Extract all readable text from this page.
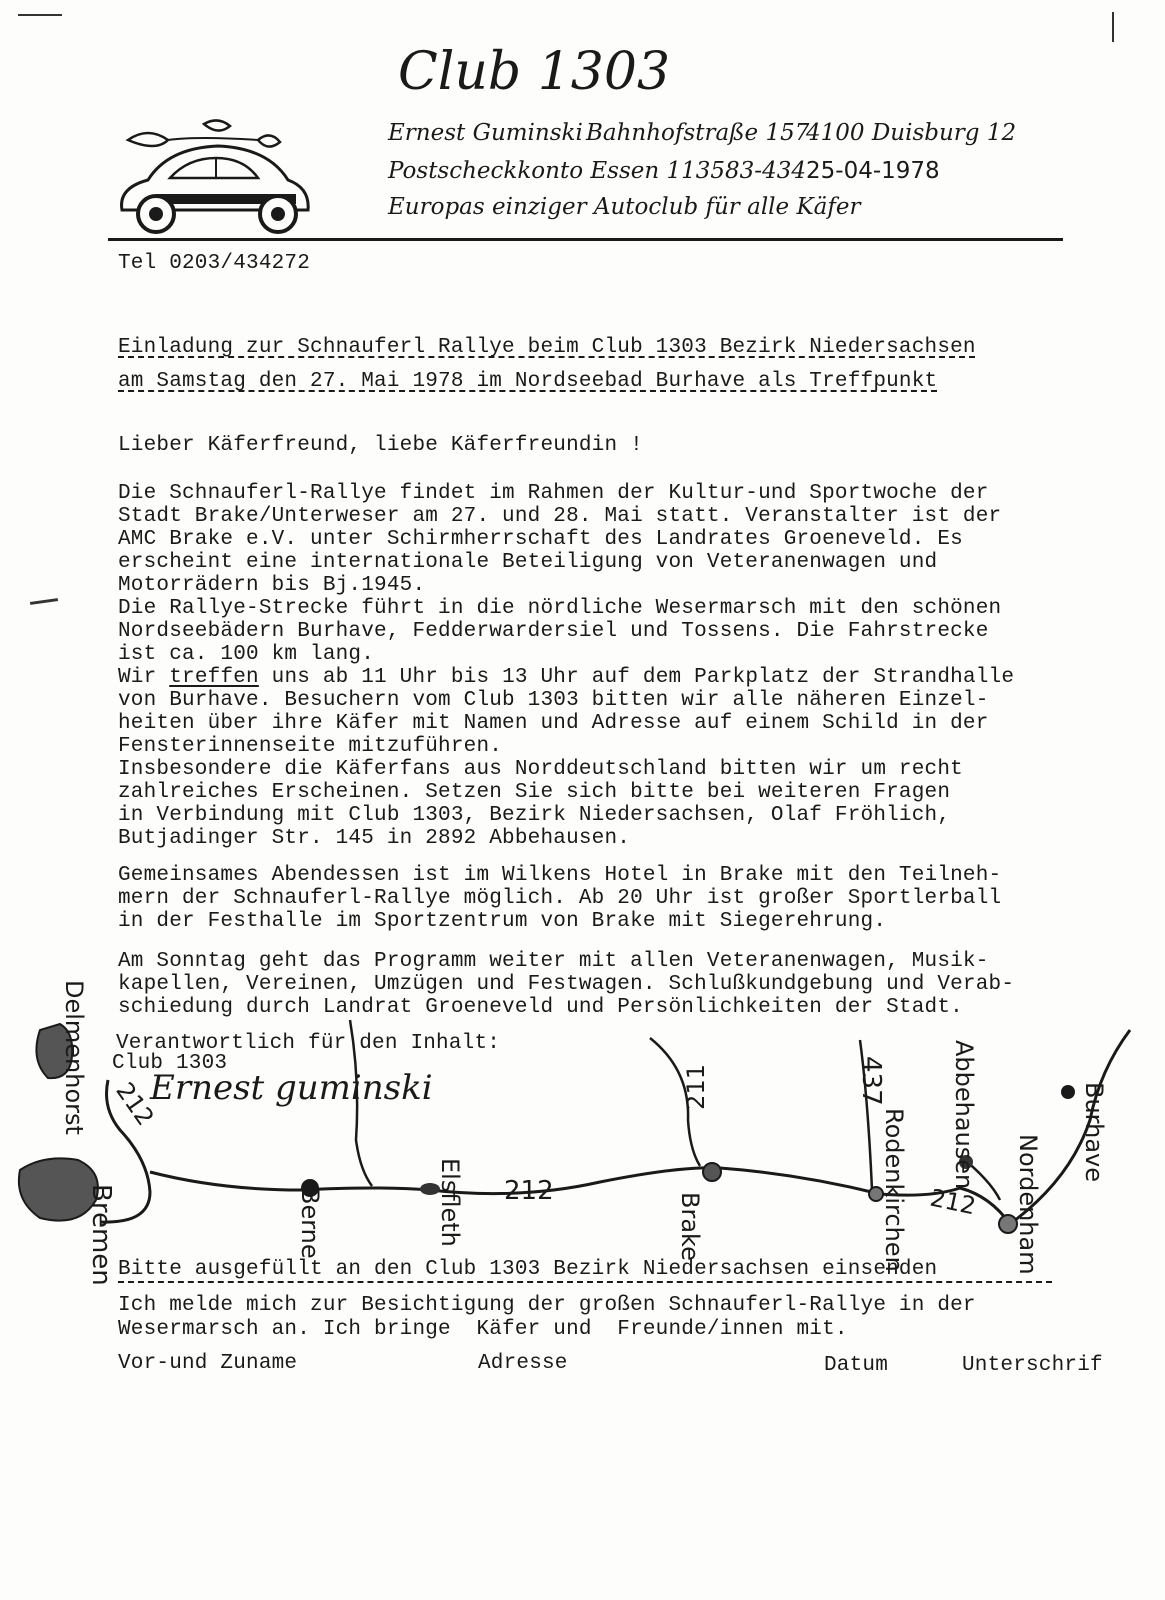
Club 1303
Ernest Guminski Bahnhofstraße 157
4100 Duisburg 12
Postscheckkonto Essen 113583-434 25-04-1978
Europas einziger Autoclub für alle Käfer
Tel 0203/434272
Einladung zur Schnauferl Rallye beim Club 1303 Bezirk Niedersachsen
am Samstag den 27. Mai 1978 im Nordseebad Burhave als Treffpunkt
Lieber Käferfreund, liebe Käferfreundin !
Die Schnauferl-Rallye findet im Rahmen der Kultur-und Sportwoche der
Stadt Brake/Unterweser am 27. und 28. Mai statt. Veranstalter ist der
AMC Brake e.V. unter Schirmherrschaft des Landrates Groeneveld. Es
erscheint eine internationale Beteiligung von Veteranenwagen und
Motorrädern bis Bj.1945.
Die Rallye-Strecke führt in die nördliche Wesermarsch mit den schönen
Nordseebädern Burhave, Fedderwardersiel und Tossens. Die Fahrstrecke
ist ca. 100 km lang.
Wir treffen uns ab 11 Uhr bis 13 Uhr auf dem Parkplatz der Strandhalle
von Burhave. Besuchern vom Club 1303 bitten wir alle näheren Einzel-
heiten über ihre Käfer mit Namen und Adresse auf einem Schild in der
Fensterinnenseite mitzuführen.
Insbesondere die Käferfans aus Norddeutschland bitten wir um recht
zahlreiches Erscheinen. Setzen Sie sich bitte bei weiteren Fragen
in Verbindung mit Club 1303, Bezirk Niedersachsen, Olaf Fröhlich,
Butjadinger Str. 145 in 2892 Abbehausen.
Gemeinsames Abendessen ist im Wilkens Hotel in Brake mit den Teilneh-
mern der Schnauferl-Rallye möglich. Ab 20 Uhr ist großer Sportlerball
in der Festhalle im Sportzentrum von Brake mit Siegerehrung.
Am Sonntag geht das Programm weiter mit allen Veteranenwagen, Musik-
kapellen, Vereinen, Umzügen und Festwagen. Schlußkundgebung und Verab-
schiedung durch Landrat Groeneveld und Persönlichkeiten der Stadt.
Verantwortlich für den Inhalt:
Club 1303
Ernest guminski
Delmenhorst
Bremen
212
Berne	Elsfleth 212
211
Brake
437
Rodenkirchen 212
Abbehausen
Nordenham
Burhave
Bitte ausgefüllt an den Club 1303 Bezirk Niedersachsen einsenden
Ich melde mich zur Besichtigung der großen Schnauferl-Rallye in der
Wesermarsch an. Ich bringe  Käfer und  Freunde/innen mit.
Vor-und Zuname	Adresse	Datum	Unterschrif
